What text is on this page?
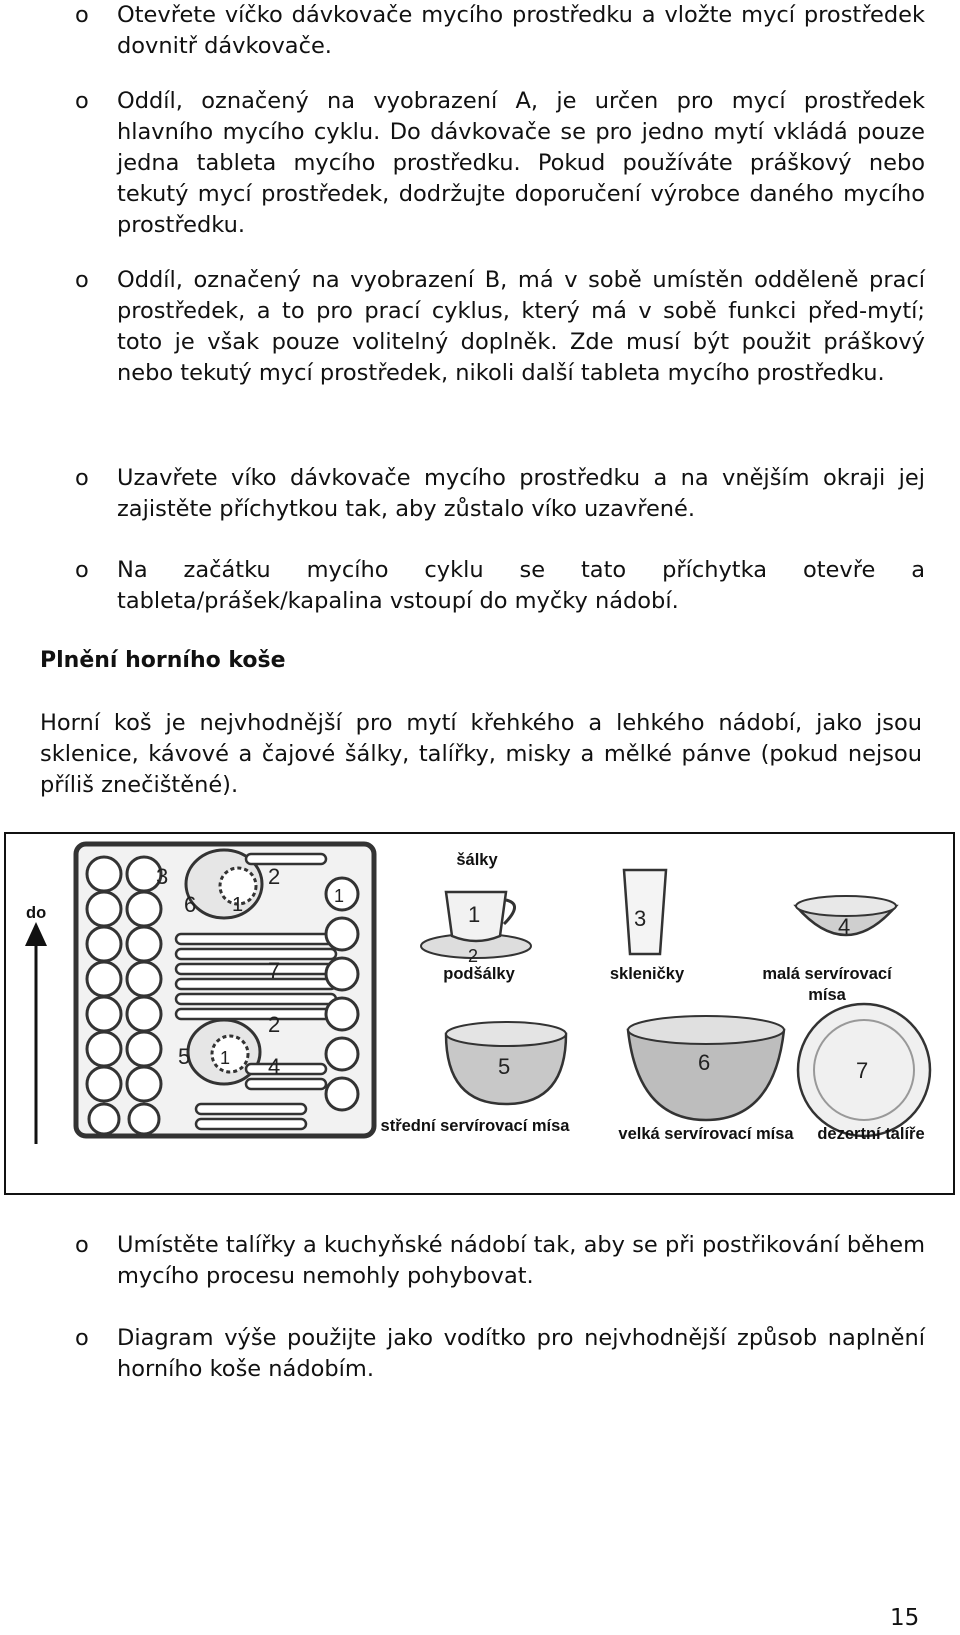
o Otevřete víčko dávkovače mycího prostředku a vložte mycí prostředek dovnitř dávkovače.
o Oddíl, označený na vyobrazení A, je určen pro mycí prostředek hlavního mycího cyklu. Do dávkovače se pro jedno mytí vkládá pouze jedna tableta mycího prostředku. Pokud používáte práškový nebo tekutý mycí prostředek, dodržujte doporučení výrobce daného mycího prostředku.
o Oddíl, označený na vyobrazení B, má v sobě umístěn odděleně prací prostředek, a to pro prací cyklus, který má v sobě funkci před-mytí; toto je však pouze volitelný doplněk. Zde musí být použit práškový nebo tekutý mycí prostředek, nikoli další tableta mycího prostředku.
o Uzavřete víko dávkovače mycího prostředku a na vnějším okraji jej zajistěte příchytkou tak, aby zůstalo víko uzavřené.
o Na začátku mycího cyklu se tato příchytka otevře a tableta/prášek/kapalina vstoupí do myčky nádobí.
Plnění horního koše
Horní koš je nejvhodnější pro mytí křehkého a lehkého nádobí, jako jsou sklenice, kávové a čajové šálky, talířky, misky a mělké pánve (pokud nejsou příliš znečištěné).
do
3	2
6 1	1
7
5 1
2
4
1
2
3	4
5	6	7
šálky
podšálky	skleničky	malá servírovací mísa
střední servírovací mísa	velká servírovací mísa	dezertní talíře
o Umístěte talířky a kuchyňské nádobí tak, aby se při postřikování během mycího procesu nemohly pohybovat.
o Diagram výše použijte jako vodítko pro nejvhodnější způsob naplnění horního koše nádobím.
15
